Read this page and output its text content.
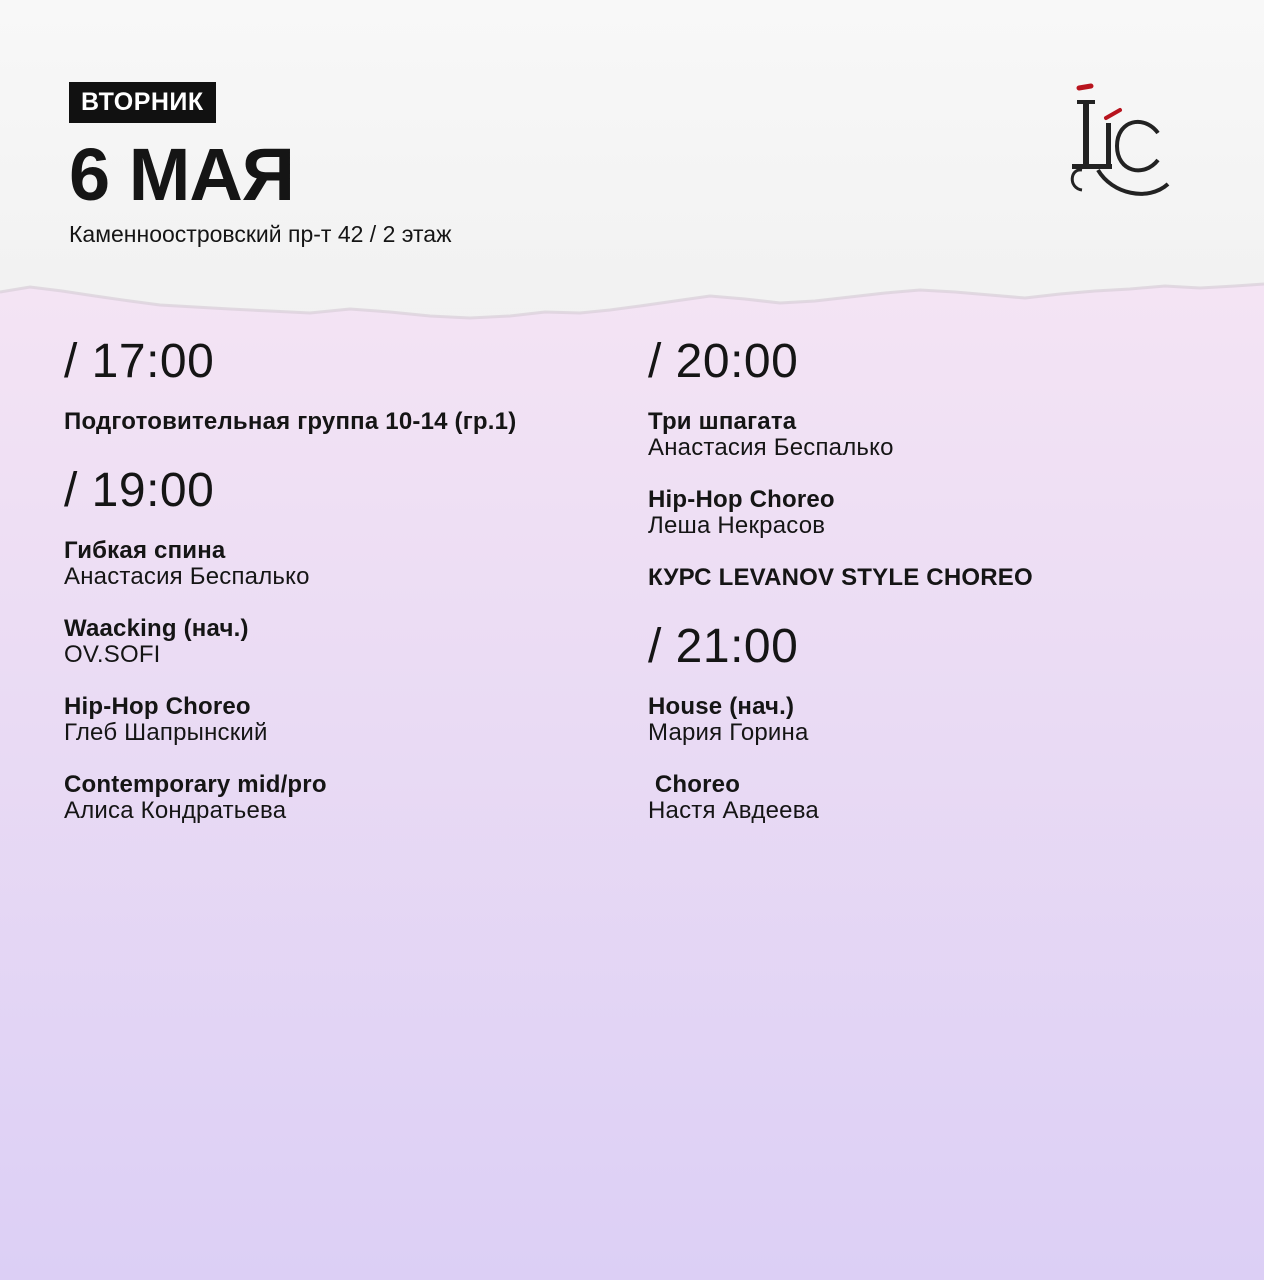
ВТОРНИК
6 МАЯ
Каменноостровский пр-т 42 / 2 этаж
/ 17:00
Подготовительная группа 10-14 (гр.1)
/ 19:00
Гибкая спина
Анастасия Беспалько
Waacking (нач.)
OV.SOFI
Hip-Hop Choreo
Глеб Шапрынский
Contemporary mid/pro
Алиса Кондратьева
/ 20:00
Три шпагата
Анастасия Беспалько
Hip-Hop Choreo
Леша Некрасов
КУРС LEVANOV STYLE CHOREO
/ 21:00
House (нач.)
Мария Горина
Choreo
Настя Авдеева
